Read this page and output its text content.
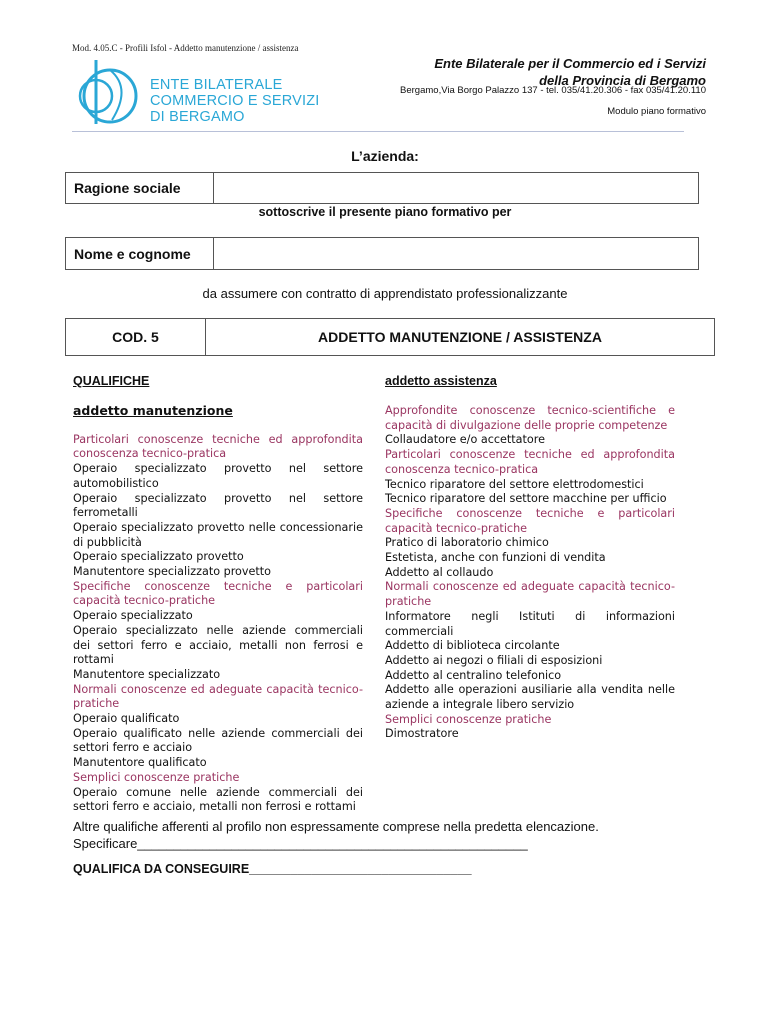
Mod. 4.05.C - Profili Isfol - Addetto manutenzione / assistenza
ENTE BILATERALE
COMMERCIO E SERVIZI
DI BERGAMO
Ente Bilaterale per il Commercio ed i Servizi
della Provincia di Bergamo
Bergamo,Via Borgo Palazzo 137 - tel. 035/41.20.306 - fax 035/41.20.110
Modulo piano formativo
L’azienda:
Ragione sociale
sottoscrive il presente piano formativo per
Nome e cognome
da assumere con contratto di apprendistato professionalizzante
COD. 5	ADDETTO MANUTENZIONE / ASSISTENZA
QUALIFICHE	addetto assistenza
addetto manutenzione
Particolari conoscenze tecniche ed approfondita conoscenza tecnico-pratica
Operaio specializzato provetto nel settore automobilistico
Operaio specializzato provetto nel settore ferrometalli
Operaio specializzato provetto nelle concessionarie di pubblicità
Operaio specializzato provetto
Manutentore specializzato provetto
Specifiche conoscenze tecniche e particolari capacità tecnico-pratiche
Operaio specializzato
Operaio specializzato nelle aziende commerciali dei settori ferro e acciaio, metalli non ferrosi e rottami
Manutentore specializzato
Normali conoscenze ed adeguate capacità tecnico-pratiche
Operaio qualificato
Operaio qualificato nelle aziende commerciali dei settori ferro e acciaio
Manutentore qualificato
Semplici conoscenze pratiche
Operaio comune nelle aziende commerciali dei settori ferro e acciaio, metalli non ferrosi e rottami
Approfondite conoscenze tecnico-scientifiche e capacità di divulgazione delle proprie competenze
Collaudatore e/o accettatore
Particolari conoscenze tecniche ed approfondita conoscenza tecnico-pratica
Tecnico riparatore del settore elettrodomestici
Tecnico riparatore del settore macchine per ufficio
Specifiche conoscenze tecniche e particolari capacità tecnico-pratiche
Pratico di laboratorio chimico
Estetista, anche con funzioni di vendita
Addetto al collaudo
Normali conoscenze ed adeguate capacità tecnico-pratiche
Informatore negli Istituti di informazioni commerciali
Addetto di biblioteca circolante
Addetto ai negozi o filiali di esposizioni
Addetto al centralino telefonico
Addetto alle operazioni ausiliarie alla vendita nelle aziende a integrale libero servizio
Semplici conoscenze pratiche
Dimostratore
Altre qualifiche afferenti al profilo non espressamente comprese nella predetta elencazione.
Specificare______________________________________________________
QUALIFICA DA CONSEGUIRE________________________________
